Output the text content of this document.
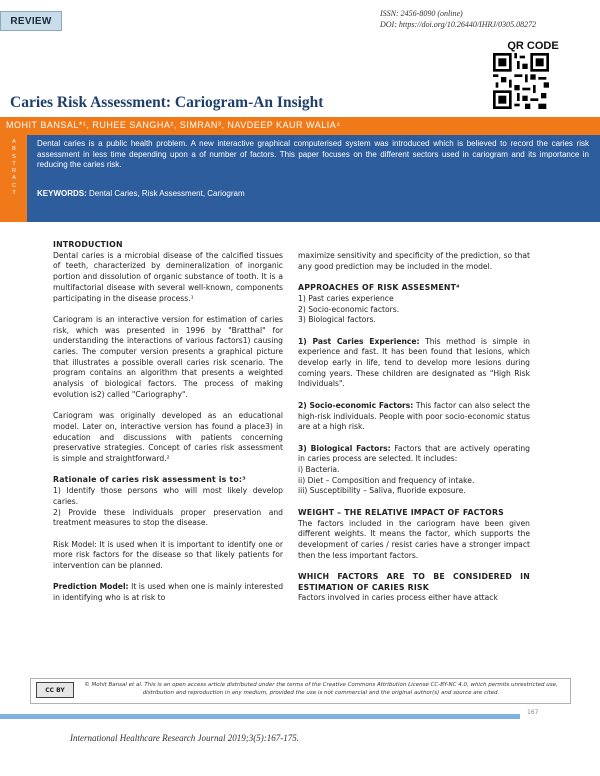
REVIEW
ISSN: 2456-8090 (online)
DOI: https://doi.org/10.26440/IHRJ/0305.08272
QR CODE
Caries Risk Assessment: Cariogram-An Insight
MOHIT BANSAL*¹, RUHEE SANGHA², SIMRAN³, NAVDEEP KAUR WALIA⁴
A
B
S
T
R
A
C
T
Dental caries is a public health problem. A new interactive graphical computerised system was introduced which is believed to record the caries risk assessment in less time depending upon a of number of factors. This paper focuses on the different sectors used in cariogram and its importance in reducing the caries risk.
KEYWORDS: Dental Caries, Risk Assessment, Cariogram
INTRODUCTION

Dental caries is a microbial disease of the calcified tissues of teeth, characterized by demineralization of inorganic portion and dissolution of organic substance of tooth. It is a multifactorial disease with several well-known, components participating in the disease process.¹

Cariogram is an interactive version for estimation of caries risk, which was presented in 1996 by "Bratthal" for understanding the interactions of various factors1) causing caries. The computer version presents a graphical picture that illustrates a possible overall caries risk scenario. The program contains an algorithm that presents a weighted analysis of biological factors. The process of making evolution is2) called "Cariography".

Cariogram was originally developed as an educational model. Later on, interactive version has found a place3) in education and discussions with patients concerning preservative strategies. Concept of caries risk assessment is simple and straightforward.²

Rationale of caries risk assessment is to:³

1) Identify those persons who will most likely develop caries.

2) Provide these individuals proper preservation and treatment measures to stop the disease.

Risk Model: It is used when it is important to identify one or more risk factors for the disease so that likely patients for intervention can be planned.

Prediction Model: It is used when one is mainly interested in identifying who is at risk to

maximize sensitivity and specificity of the prediction, so that any good prediction may be included in the model.

APPROACHES OF RISK ASSESMENT⁴

1) Past caries experience

2) Socio-economic factors.

3) Biological factors.

1) Past Caries Experience: This method is simple in experience and fast. It has been found that lesions, which develop early in life, tend to develop more lesions during coming years. These children are designated as "High Risk Individuals".

2) Socio-economic Factors: This factor can also select the high-risk individuals. People with poor socio-economic status are at a high risk.

3) Biological Factors: Factors that are actively operating in caries process are selected. It includes:

i) Bacteria.

ii) Diet – Composition and frequency of intake.

iii) Susceptibility – Saliva, fluoride exposure.

WEIGHT – THE RELATIVE IMPACT OF FACTORS

The factors included in the cariogram have been given different weights. It means the factor, which supports the development of caries / resist caries have a stronger impact then the less important factors.

WHICH FACTORS ARE TO BE CONSIDERED IN ESTIMATION OF CARIES RISK

Factors involved in caries process either have attack

CC BY
© Mohit Bansal et al. This is an open access article distributed under the terms of the Creative Commons Attribution License CC-BY-NC 4.0, which permits unrestricted use, distribution and reproduction in any medium, provided the use is not commercial and the original author(s) and source are cited.
167
International Healthcare Research Journal 2019;3(5):167-175.
